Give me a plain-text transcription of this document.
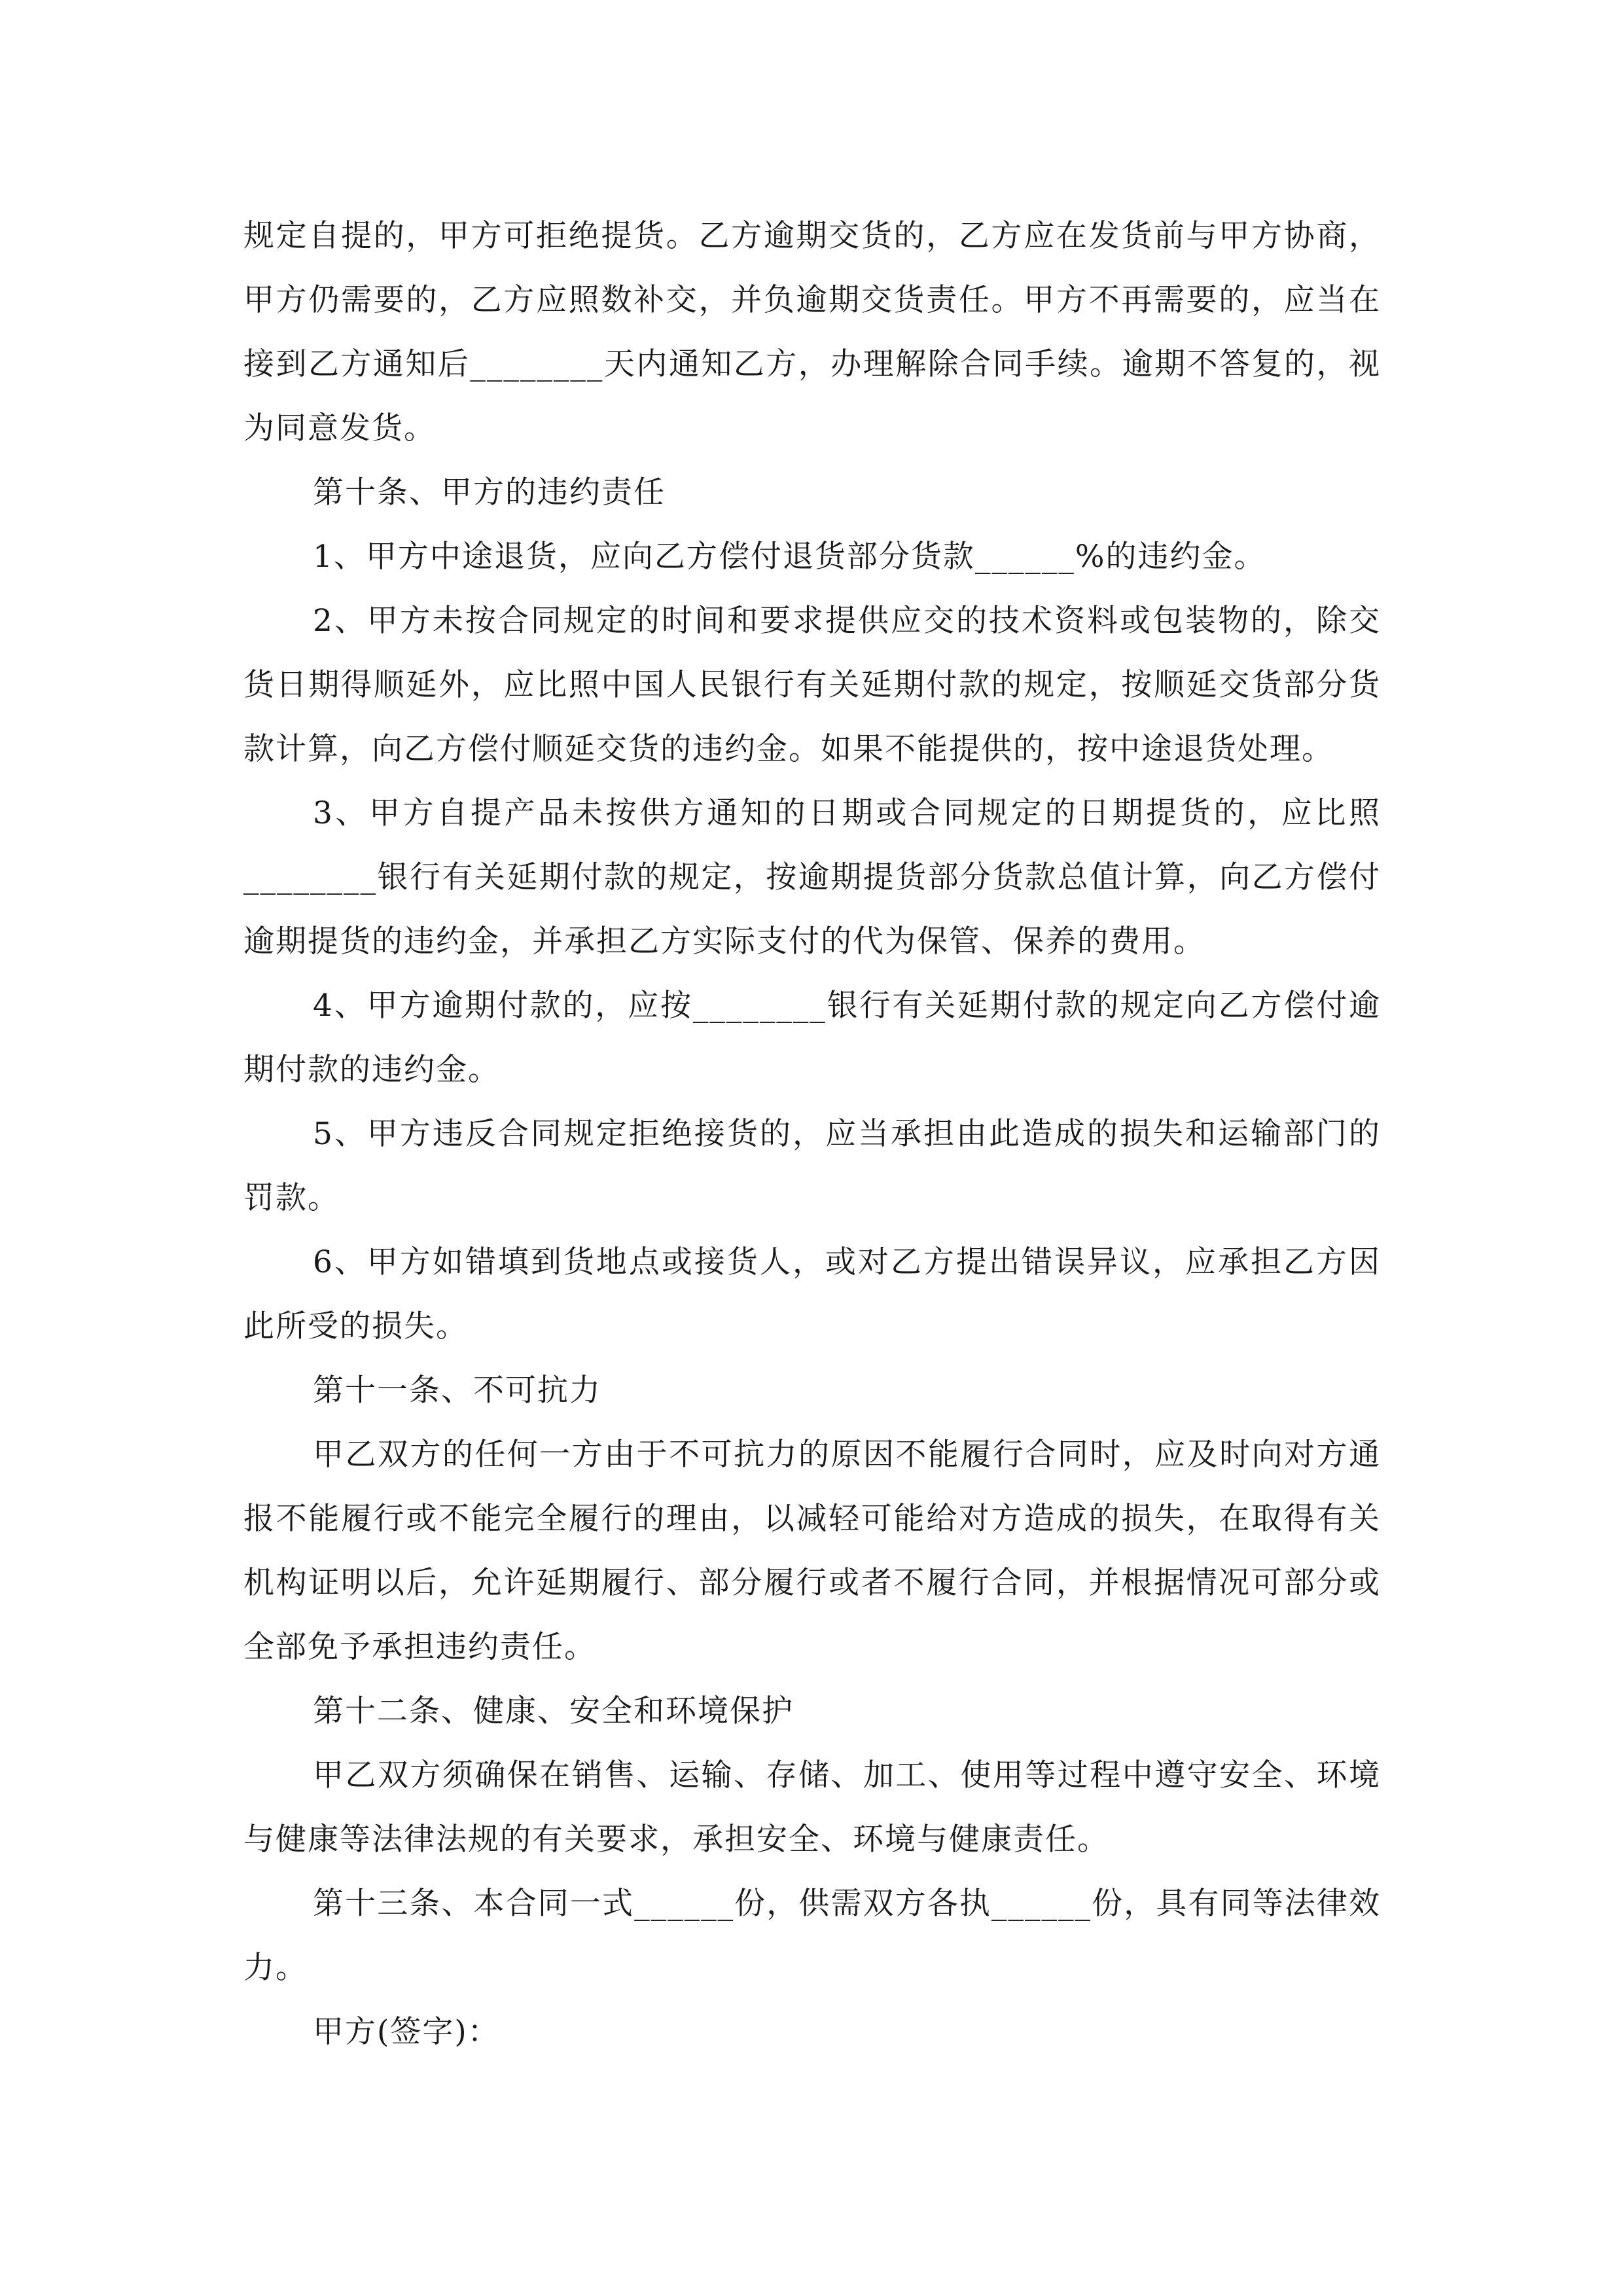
规定自提的，甲方可拒绝提货。乙方逾期交货的，乙方应在发货前与甲方协商，甲方仍需要的，乙方应照数补交，并负逾期交货责任。甲方不再需要的，应当在接到乙方通知后________天内通知乙方，办理解除合同手续。逾期不答复的，视为同意发货。

第十条、甲方的违约责任

1、甲方中途退货，应向乙方偿付退货部分货款______%的违约金。

2、甲方未按合同规定的时间和要求提供应交的技术资料或包装物的，除交货日期得顺延外，应比照中国人民银行有关延期付款的规定，按顺延交货部分货款计算，向乙方偿付顺延交货的违约金。如果不能提供的，按中途退货处理。

3、甲方自提产品未按供方通知的日期或合同规定的日期提货的，应比照________银行有关延期付款的规定，按逾期提货部分货款总值计算，向乙方偿付逾期提货的违约金，并承担乙方实际支付的代为保管、保养的费用。

4、甲方逾期付款的，应按________银行有关延期付款的规定向乙方偿付逾期付款的违约金。

5、甲方违反合同规定拒绝接货的，应当承担由此造成的损失和运输部门的罚款。

6、甲方如错填到货地点或接货人，或对乙方提出错误异议，应承担乙方因此所受的损失。

第十一条、不可抗力

甲乙双方的任何一方由于不可抗力的原因不能履行合同时，应及时向对方通报不能履行或不能完全履行的理由，以减轻可能给对方造成的损失，在取得有关机构证明以后，允许延期履行、部分履行或者不履行合同，并根据情况可部分或全部免予承担违约责任。

第十二条、健康、安全和环境保护

甲乙双方须确保在销售、运输、存储、加工、使用等过程中遵守安全、环境与健康等法律法规的有关要求，承担安全、环境与健康责任。

第十三条、本合同一式______份，供需双方各执______份，具有同等法律效力。

甲方(签字)：
